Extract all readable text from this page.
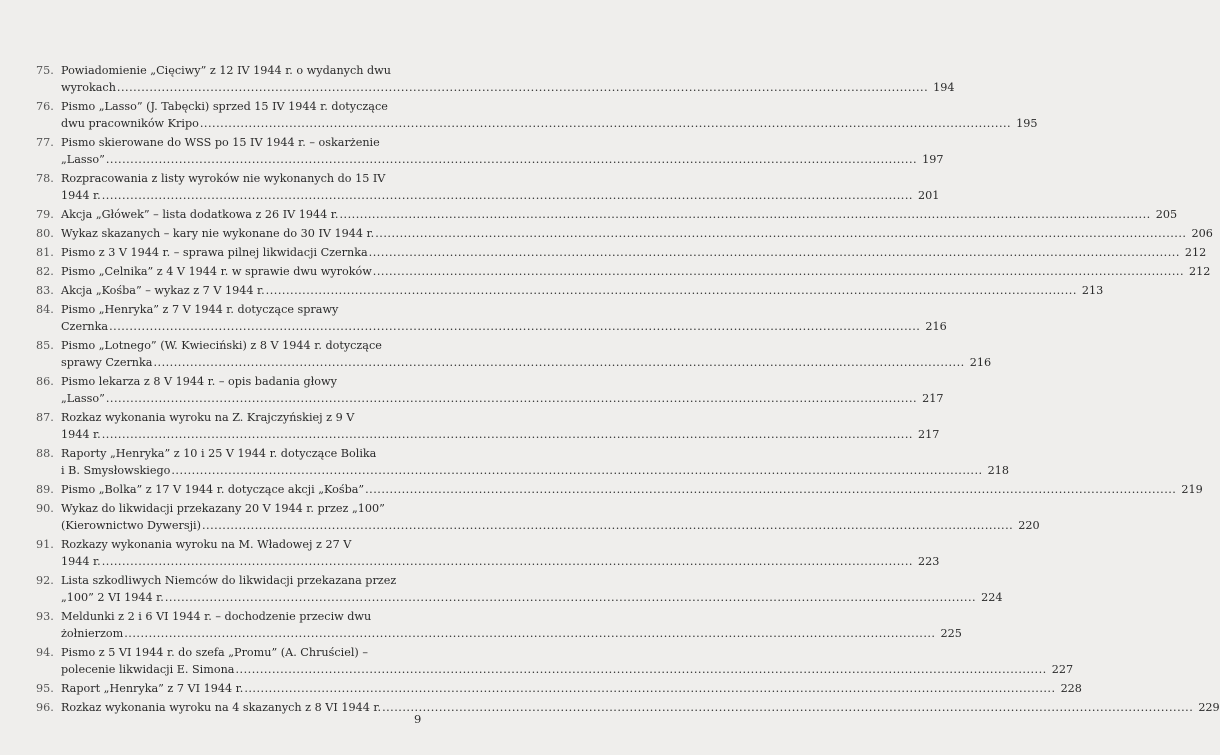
75. Powiadomienie „Cięciwy” z 12 IV 1944 r. o wydanych dwu
wyrokach .....	194
76. Pismo „Lasso” (J. Tabęcki) sprzed 15 IV 1944 r. dotyczące
dwu pracowników Kripo .....	195
77. Pismo skierowane do WSS po 15 IV 1944 r. – oskarżenie
„Lasso” .....	197
78. Rozpracowania z listy wyroków nie wykonanych do 15 IV
1944 r. .....	201
79. Akcja „Główek” – lista dodatkowa z 26 IV 1944 r. .....	205
80. Wykaz skazanych – kary nie wykonane do 30 IV 1944 r. .....	206
81. Pismo z 3 V 1944 r. – sprawa pilnej likwidacji Czernka .....	212
82. Pismo „Celnika” z 4 V 1944 r. w sprawie dwu wyroków .....	212
83. Akcja „Kośba” – wykaz z 7 V 1944 r. .....	213
84. Pismo „Henryka” z 7 V 1944 r. dotyczące sprawy
Czernka .....	216
85. Pismo „Lotnego” (W. Kwieciński) z 8 V 1944 r. dotyczące
sprawy Czernka .....	216
86. Pismo lekarza z 8 V 1944 r. – opis badania głowy
„Lasso” .....	217
87. Rozkaz wykonania wyroku na Z. Krajczyńskiej z 9 V
1944 r. .....	217
88. Raporty „Henryka” z 10 i 25 V 1944 r. dotyczące Bolika
i B. Smysłowskiego .....	218
89. Pismo „Bolka” z 17 V 1944 r. dotyczące akcji „Kośba” .....	219
90. Wykaz do likwidacji przekazany 20 V 1944 r. przez „100”
(Kierownictwo Dywersji) .....	220
91. Rozkazy wykonania wyroku na M. Władowej z 27 V
1944 r. .....	223
92. Lista szkodliwych Niemców do likwidacji przekazana przez
„100” 2 VI 1944 r. .....	224
93. Meldunki z 2 i 6 VI 1944 r. – dochodzenie przeciw dwu
żołnierzom .....	225
94. Pismo z 5 VI 1944 r. do szefa „Promu” (A. Chruściel) –
polecenie likwidacji E. Simona .....	227
95. Raport „Henryka” z 7 VI 1944 r. .....	228
96. Rozkaz wykonania wyroku na 4 skazanych z 8 VI 1944 r. .....	229
9
